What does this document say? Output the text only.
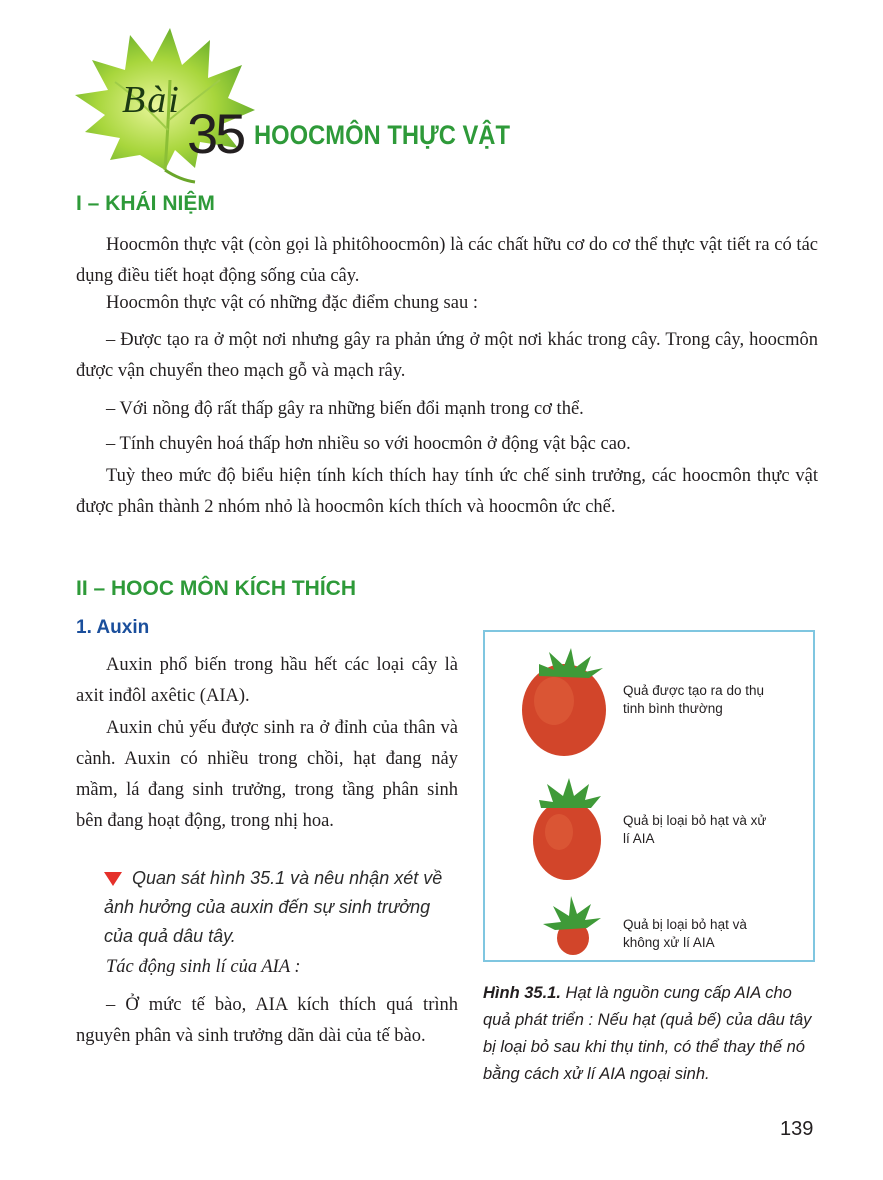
Bài
35 HOOCMÔN THỰC VẬT
I – KHÁI NIỆM

Hoocmôn thực vật (còn gọi là phitôhoocmôn) là các chất hữu cơ do cơ thể thực vật tiết ra có tác dụng điều tiết hoạt động sống của cây.

Hoocmôn thực vật có những đặc điểm chung sau :

– Được tạo ra ở một nơi nhưng gây ra phản ứng ở một nơi khác trong cây. Trong cây, hoocmôn được vận chuyển theo mạch gỗ và mạch rây.

– Với nồng độ rất thấp gây ra những biến đổi mạnh trong cơ thể.

– Tính chuyên hoá thấp hơn nhiều so với hoocmôn ở động vật bậc cao.

Tuỳ theo mức độ biểu hiện tính kích thích hay tính ức chế sinh trưởng, các hoocmôn thực vật được phân thành 2 nhóm nhỏ là hoocmôn kích thích và hoocmôn ức chế.

II – HOOC MÔN KÍCH THÍCH
1. Auxin

Auxin phổ biến trong hầu hết các loại cây là axit inđôl axêtic (AIA).

Auxin chủ yếu được sinh ra ở đỉnh của thân và cành. Auxin có nhiều trong chồi, hạt đang nảy mầm, lá đang sinh trưởng, trong tầng phân sinh bên đang hoạt động, trong nhị hoa.

Quan sát hình 35.1 và nêu nhận xét về ảnh hưởng của auxin đến sự sinh trưởng của quả dâu tây.

Tác động sinh lí của AIA :

– Ở mức tế bào, AIA kích thích quá trình nguyên phân và sinh trưởng dãn dài của tế bào.

Quả được tạo ra do thụ tinh bình thường
Quả bị loại bỏ hạt và xử lí AIA
Quả bị loại bỏ hạt và không xử lí AIA

Hình 35.1. Hạt là nguồn cung cấp AIA cho quả phát triển : Nếu hạt (quả bế) của dâu tây bị loại bỏ sau khi thụ tinh, có thể thay thế nó bằng cách xử lí AIA ngoại sinh.

139
